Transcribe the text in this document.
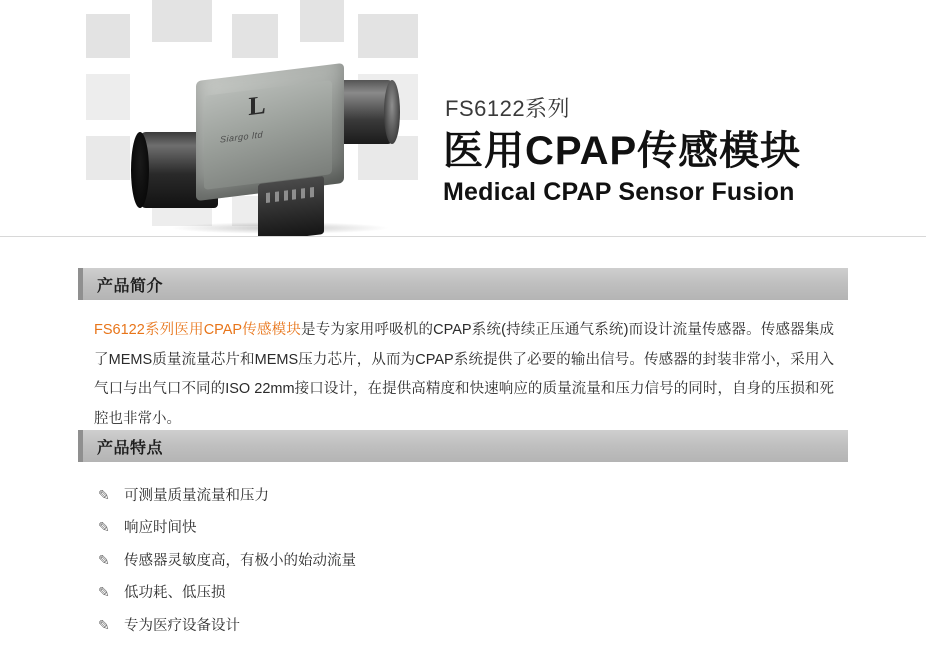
L
Siargo ltd

FS6122系列

医用CPAP传感模块
Medical CPAP Sensor Fusion
产品简介

FS6122系列医用CPAP传感模块是专为家用呼吸机的CPAP系统(持续正压通气系统)而设计流量传感器。传感器集成了MEMS质量流量芯片和MEMS压力芯片，从而为CPAP系统提供了必要的输出信号。传感器的封装非常小，采用入气口与出气口不同的ISO 22mm接口设计，在提供高精度和快速响应的质量流量和压力信号的同时，自身的压损和死腔也非常小。

产品特点
✎ 可测量质量流量和压力
✎ 响应时间快
✎ 传感器灵敏度高，有极小的始动流量
✎ 低功耗、低压损
✎ 专为医疗设备设计
